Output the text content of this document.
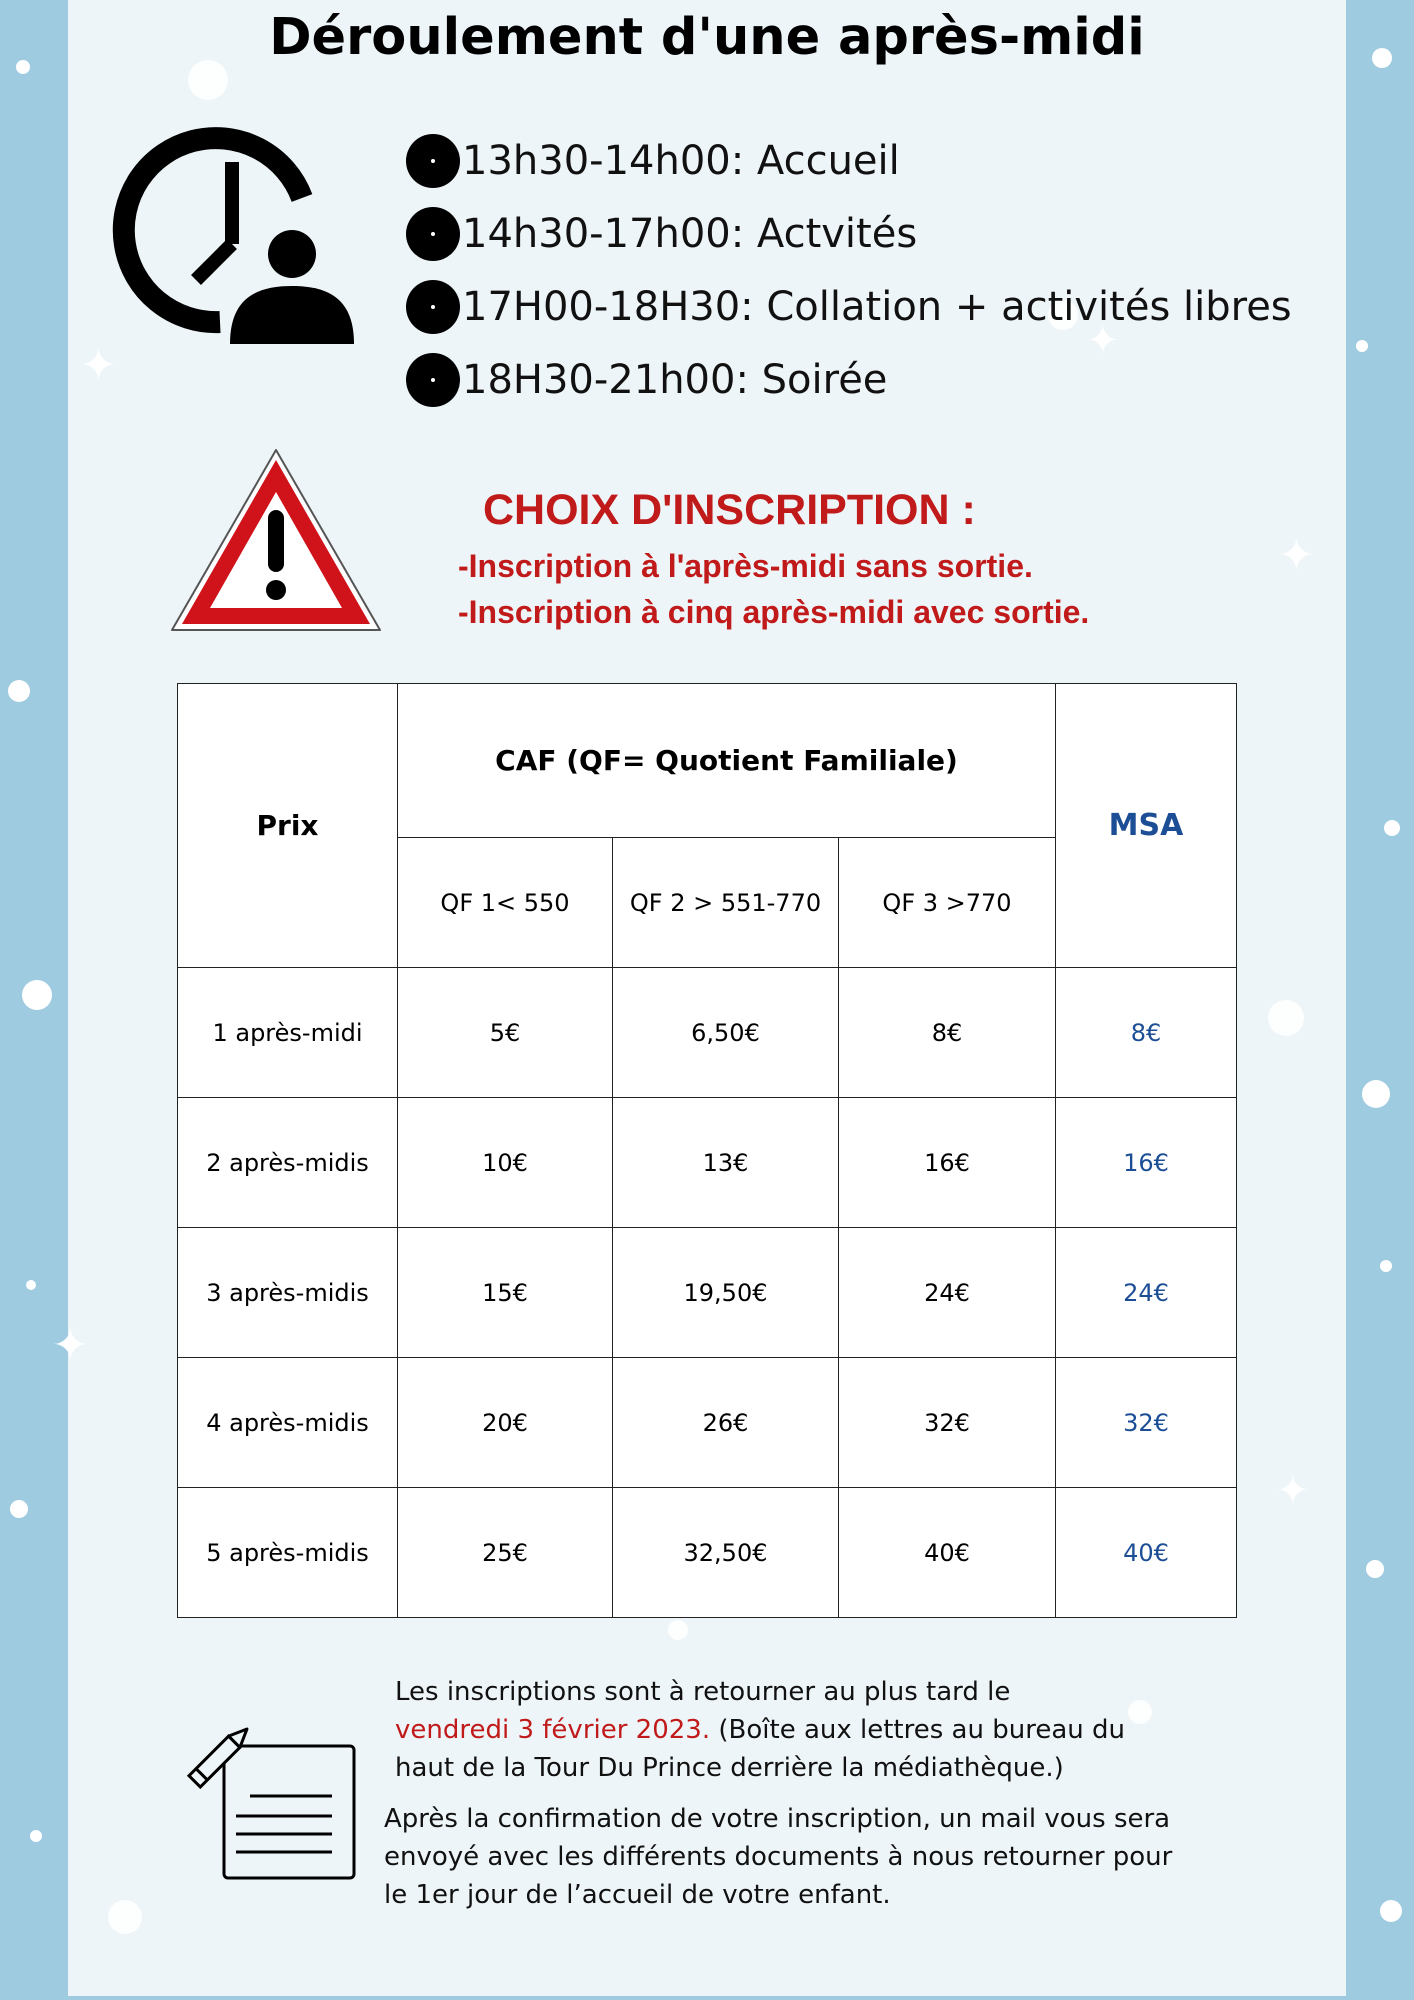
✦	✦
✦
✦
✦
Déroulement d'une après-midi
13h30-14h00: Accueil
14h30-17h00: Actvités
17H00-18H30: Collation + activités libres
18H30-21h00: Soirée

CHOIX D'INSCRIPTION :

-Inscription à l'après-midi sans sortie.
-Inscription à cinq après-midi avec sortie.
Prix	CAF (QF= Quotient Familiale)			MSA
	QF 1< 550	QF 2 > 551-770	QF 3 >770	
1 après-midi	5€	6,50€	8€	8€
2 après-midis	10€	13€	16€	16€
3 après-midis	15€	19,50€	24€	24€
4 après-midis	20€	26€	32€	32€
5 après-midis	25€	32,50€	40€	40€
Les inscriptions sont à retourner au plus tard le
vendredi 3 février 2023. (Boîte aux lettres au bureau du
haut de la Tour Du Prince derrière la médiathèque.)
Après la confirmation de votre inscription, un mail vous sera
envoyé avec les différents documents à nous retourner pour
le 1er jour de l’accueil de votre enfant.
